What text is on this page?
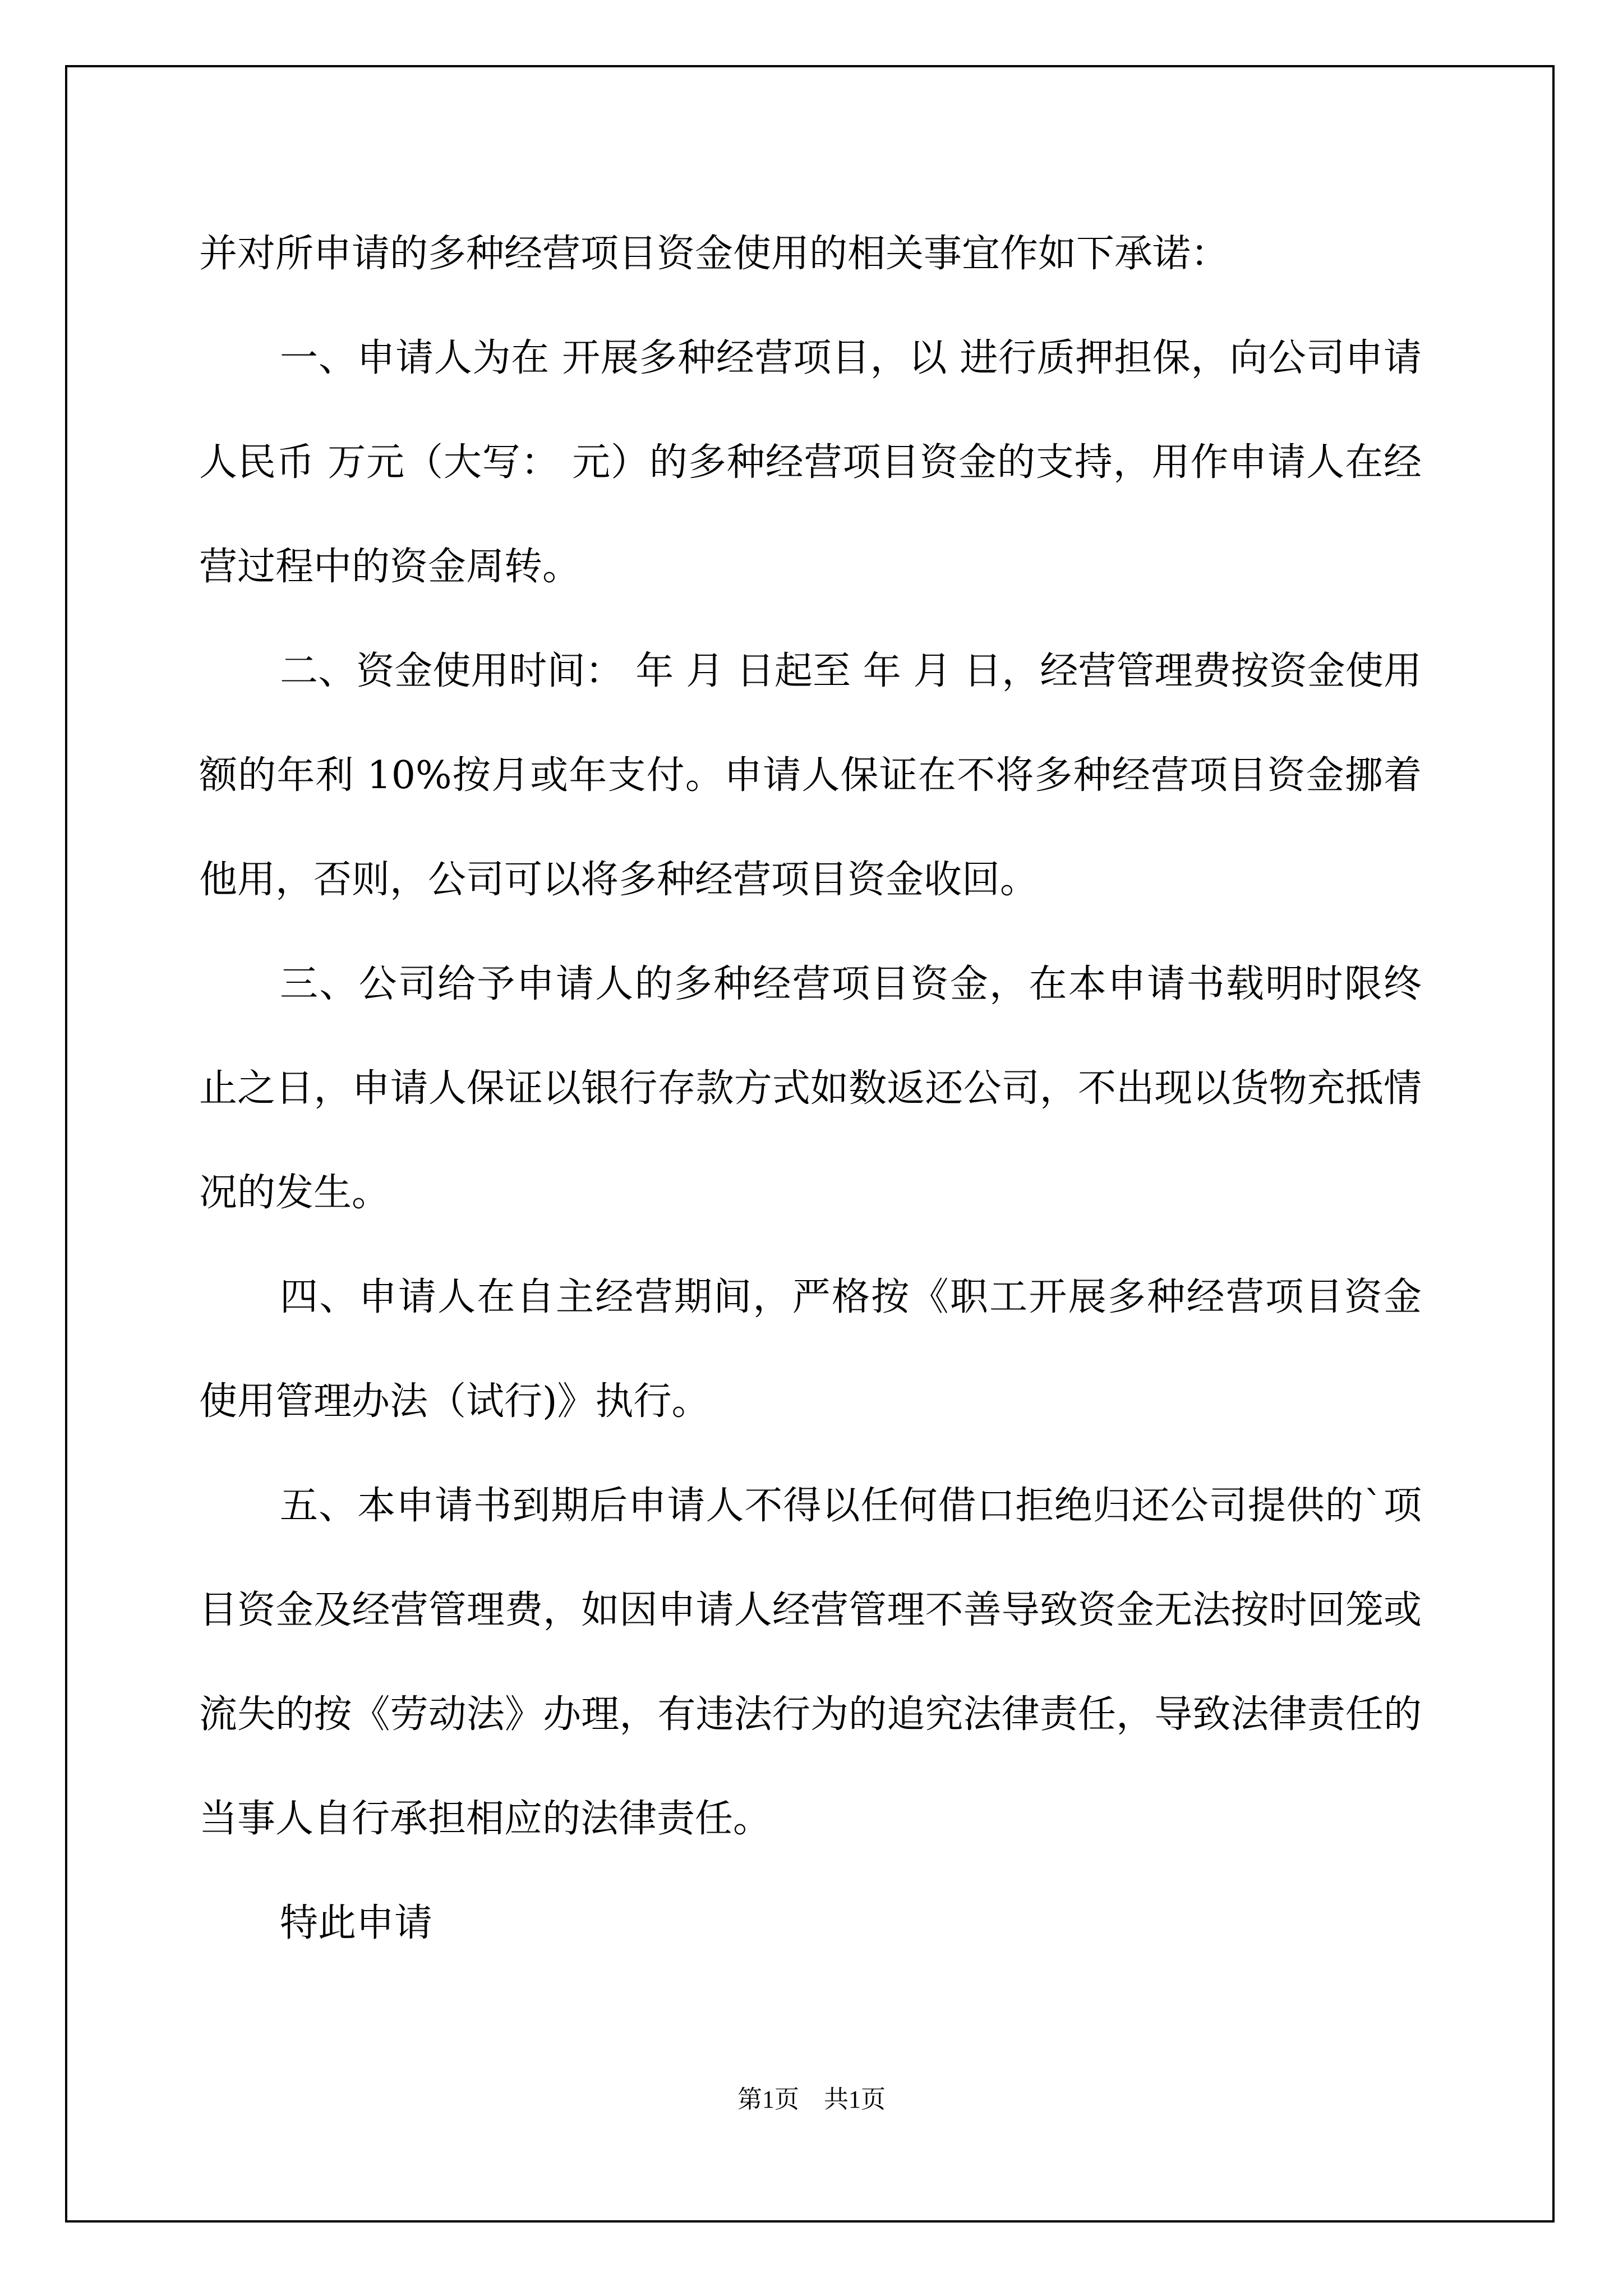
并对所申请的多种经营项目资金使用的相关事宜作如下承诺：

一、申请人为在 开展多种经营项目，以 进行质押担保，向公司申请人民币 万元（大写： 元）的多种经营项目资金的支持，用作申请人在经营过程中的资金周转。

二、资金使用时间： 年 月 日起至 年 月 日，经营管理费按资金使用额的年利 10%按月或年支付。申请人保证在不将多种经营项目资金挪着他用，否则，公司可以将多种经营项目资金收回。

三、公司给予申请人的多种经营项目资金，在本申请书载明时限终止之日，申请人保证以银行存款方式如数返还公司，不出现以货物充抵情况的发生。

四、申请人在自主经营期间，严格按《职工开展多种经营项目资金使用管理办法（试行)》执行。

五、本申请书到期后申请人不得以任何借口拒绝归还公司提供的`项目资金及经营管理费，如因申请人经营管理不善导致资金无法按时回笼或流失的按《劳动法》办理，有违法行为的追究法律责任，导致法律责任的当事人自行承担相应的法律责任。

特此申请

第1页　共1页
